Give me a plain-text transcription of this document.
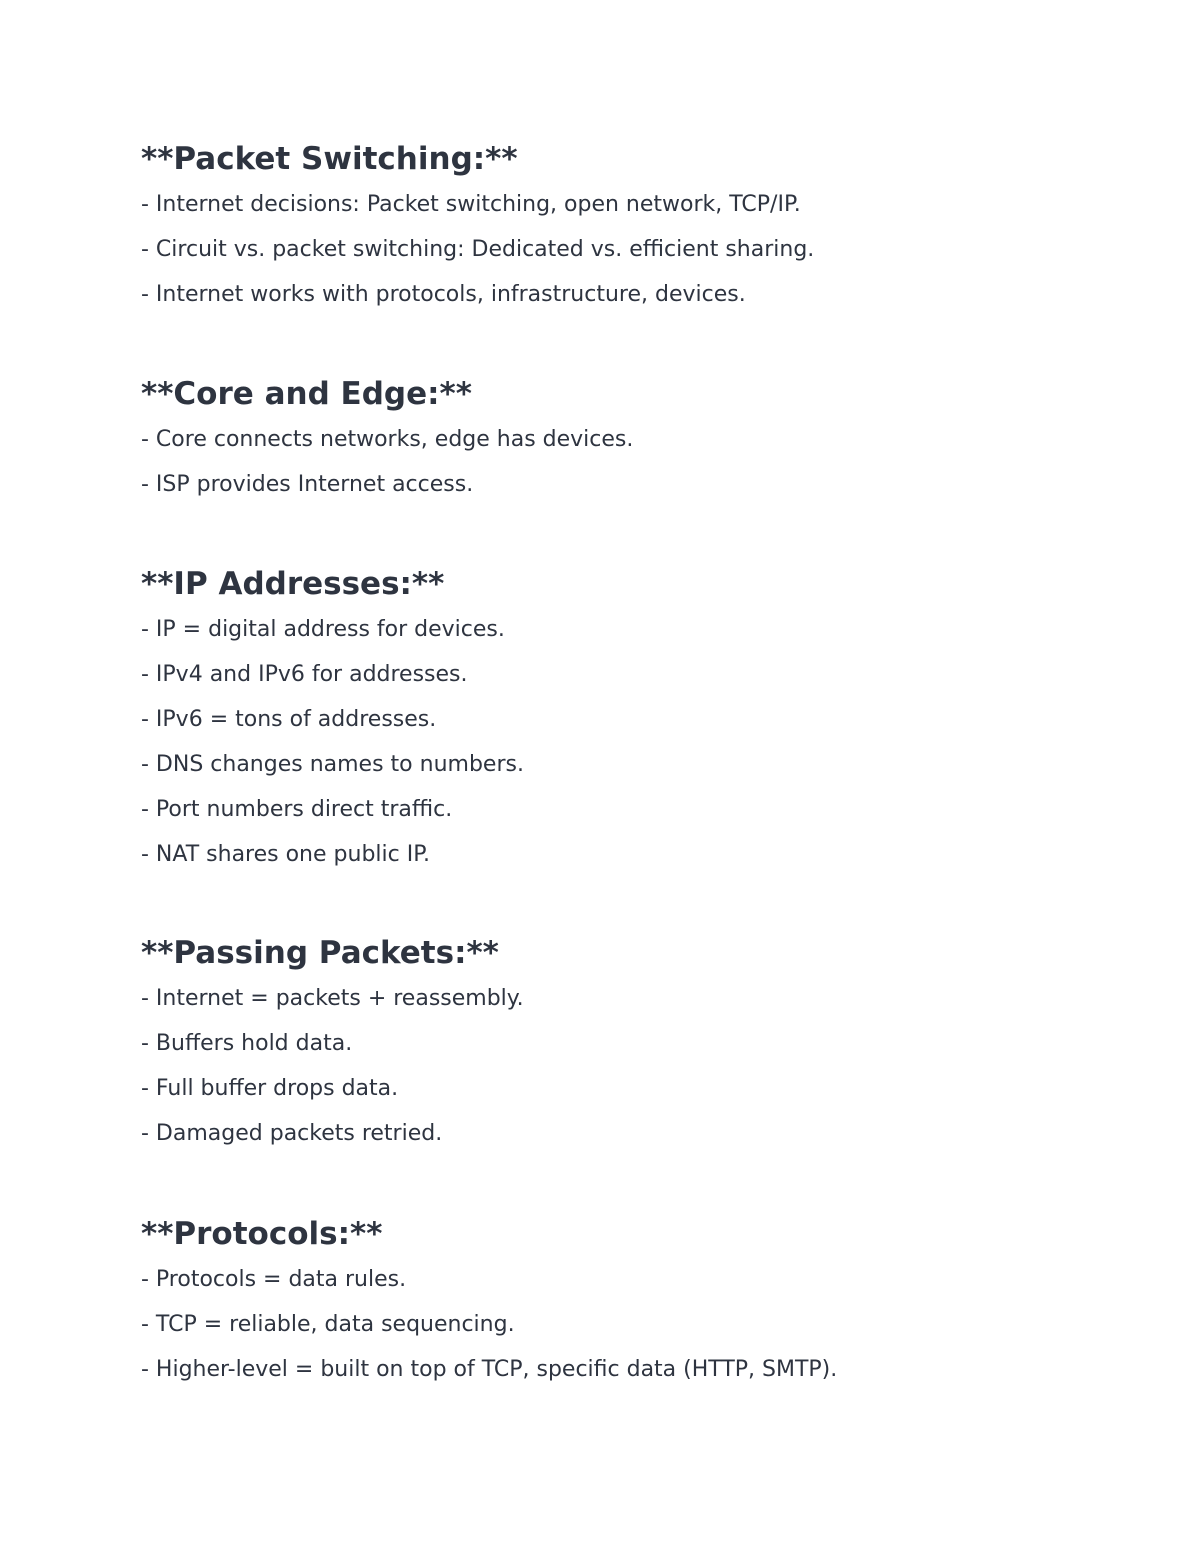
**Packet Switching:**
- Internet decisions: Packet switching, open network, TCP/IP.
- Circuit vs. packet switching: Dedicated vs. efficient sharing.
- Internet works with protocols, infrastructure, devices.
**Core and Edge:**
- Core connects networks, edge has devices.
- ISP provides Internet access.
**IP Addresses:**
- IP = digital address for devices.
- IPv4 and IPv6 for addresses.
- IPv6 = tons of addresses.
- DNS changes names to numbers.
- Port numbers direct traffic.
- NAT shares one public IP.
**Passing Packets:**
- Internet = packets + reassembly.
- Buffers hold data.
- Full buffer drops data.
- Damaged packets retried.
**Protocols:**
- Protocols = data rules.
- TCP = reliable, data sequencing.
- Higher-level = built on top of TCP, specific data (HTTP, SMTP).
